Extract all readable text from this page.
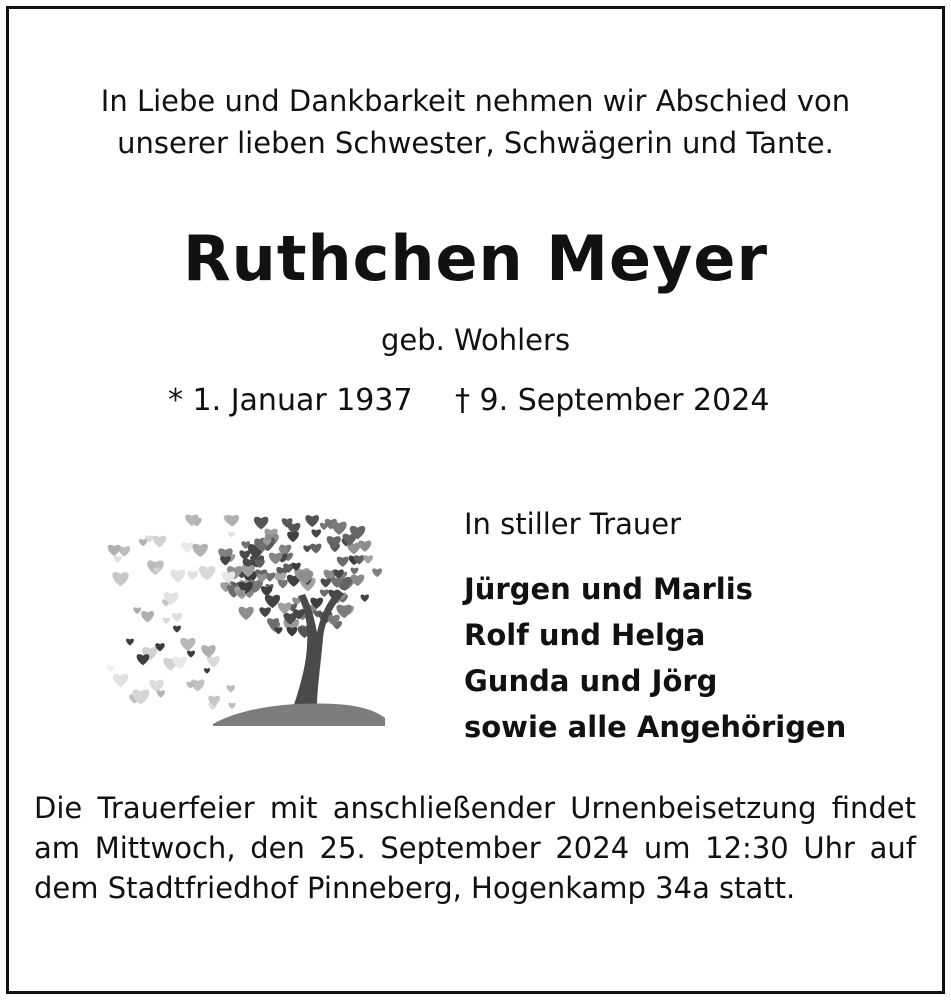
In Liebe und Dankbarkeit nehmen wir Abschied von
unserer lieben Schwester, Schwägerin und Tante.
Ruthchen Meyer
geb. Wohlers
* 1. Januar 1937 † 9. September 2024
In stiller Trauer
Jürgen und Marlis
Rolf und Helga
Gunda und Jörg
sowie alle Angehörigen
Die Trauerfeier mit anschließender Urnenbeisetzung findet am Mittwoch, den 25. September 2024 um 12:30 Uhr auf dem Stadtfriedhof Pinneberg, Hogenkamp 34a statt.
